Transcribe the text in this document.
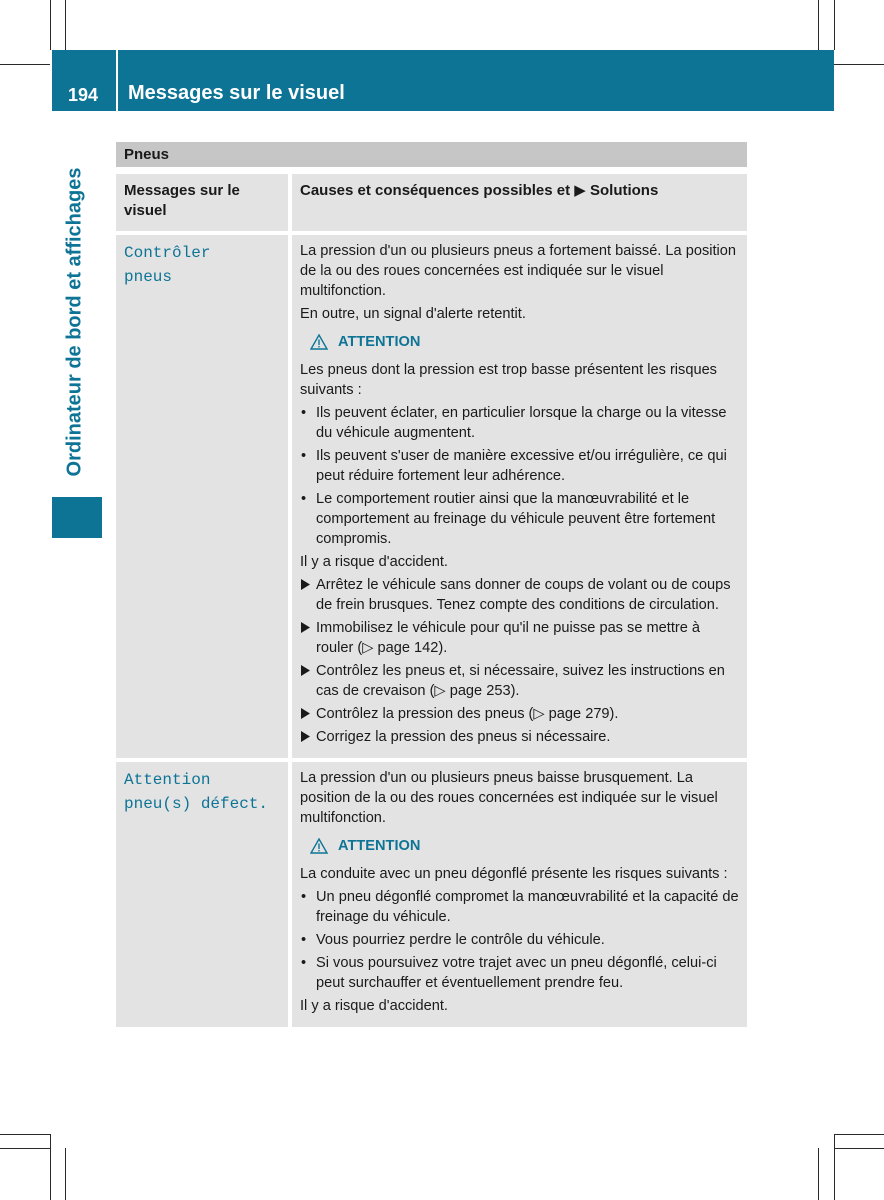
194	Messages sur le visuel
Ordinateur de bord et affichages
Pneus
Messages sur le visuel
Causes et conséquences possibles et ▶ Solutions
Contrôler
pneus

La pression d'un ou plusieurs pneus a fortement baissé. La position de la ou des roues concernées est indiquée sur le visuel multifonction.

En outre, un signal d'alerte retentit.

ATTENTION

Les pneus dont la pression est trop basse présentent les risques suivants :

• Ils peuvent éclater, en particulier lorsque la charge ou la vitesse du véhicule augmentent.
• Ils peuvent s'user de manière excessive et/ou irrégulière, ce qui peut réduire fortement leur adhérence.
• Le comportement routier ainsi que la manœuvrabilité et le comportement au freinage du véhicule peuvent être fortement compromis.

Il y a risque d'accident.

Arrêtez le véhicule sans donner de coups de volant ou de coups de frein brusques. Tenez compte des conditions de circulation.
Immobilisez le véhicule pour qu'il ne puisse pas se mettre à rouler (▷ page 142).
Contrôlez les pneus et, si nécessaire, suivez les instructions en cas de crevaison (▷ page 253).
Contrôlez la pression des pneus (▷ page 279).
Corrigez la pression des pneus si nécessaire.
Attention
pneu(s) défect.

La pression d'un ou plusieurs pneus baisse brusquement. La position de la ou des roues concernées est indiquée sur le visuel multifonction.

ATTENTION

La conduite avec un pneu dégonflé présente les risques suivants :

• Un pneu dégonflé compromet la manœuvrabilité et la capacité de freinage du véhicule.
• Vous pourriez perdre le contrôle du véhicule.
• Si vous poursuivez votre trajet avec un pneu dégonflé, celui-ci peut surchauffer et éventuellement prendre feu.

Il y a risque d'accident.
